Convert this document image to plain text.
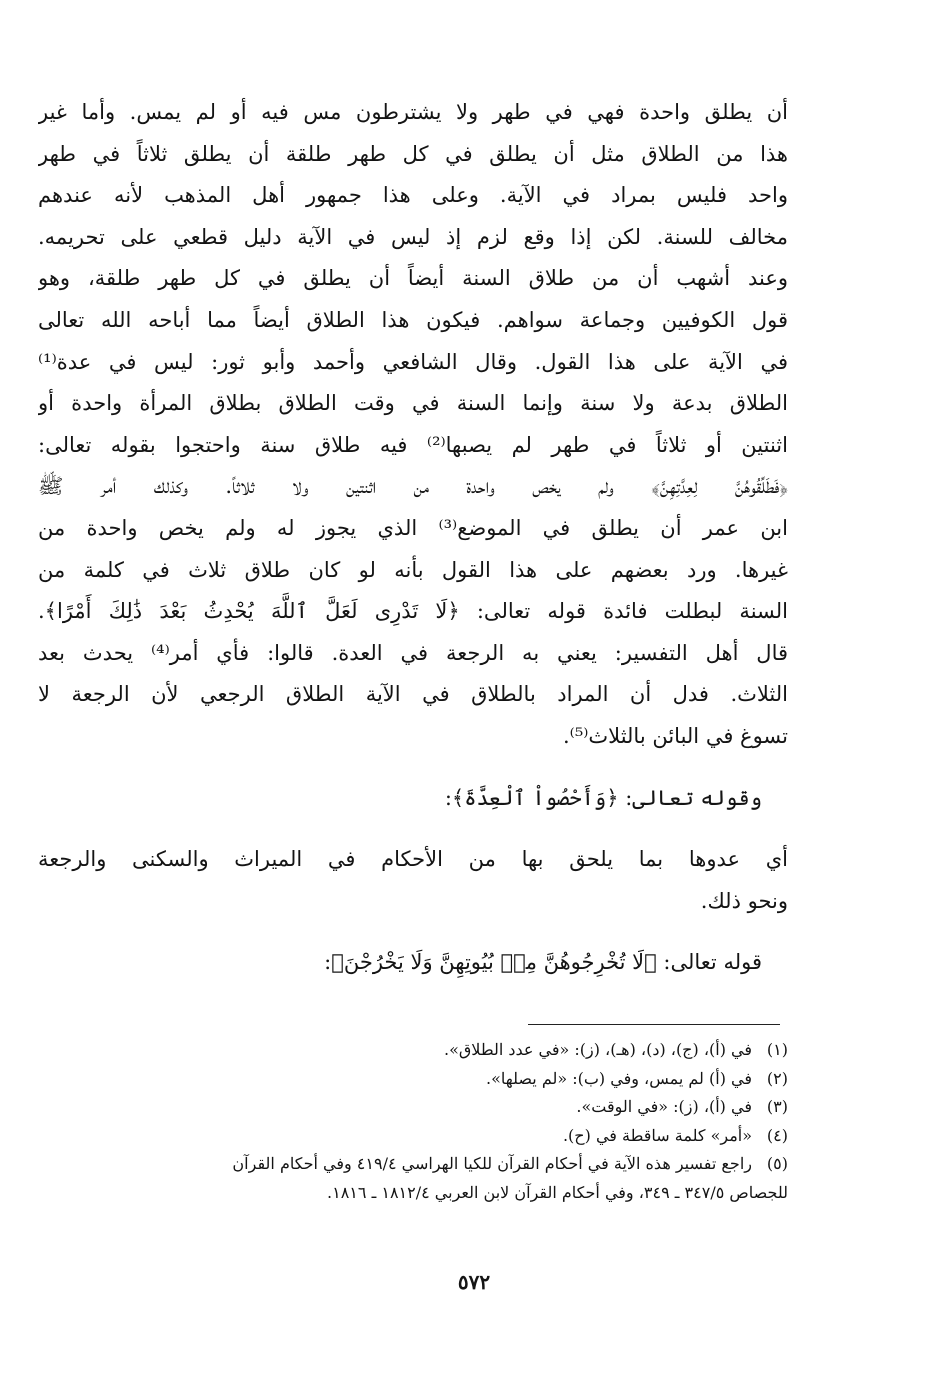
أن يطلق واحدة فهي في طهر ولا يشترطون مس فيه أو لم يمس. وأما غير
هذا من الطلاق مثل أن يطلق في كل طهر طلقة أن يطلق ثلاثاً في طهر
واحد فليس بمراد في الآية. وعلى هذا جمهور أهل المذهب لأنه عندهم
مخالف للسنة. لكن إذا وقع لزم إذ ليس في الآية دليل قطعي على تحريمه.
وعند أشهب أن من طلاق السنة أيضاً أن يطلق في كل طهر طلقة، وهو
قول الكوفيين وجماعة سواهم. فيكون هذا الطلاق أيضاً مما أباحه الله تعالى
في الآية على هذا القول. وقال الشافعي وأحمد وأبو ثور: ليس في عدة⁽¹⁾
الطلاق بدعة ولا سنة وإنما السنة في وقت الطلاق بطلاق المرأة واحدة أو
اثنتين أو ثلاثاً في طهر لم يصبها⁽²⁾ فيه طلاق سنة واحتجوا بقوله تعالى:
﴿فَطَلِّقُوهُنَّ لِعِدَّتِهِنَّ﴾ ولم يخص واحدة من اثنتين ولا ثلاثاً. وكذلك أمر ﷺ
ابن عمر أن يطلق في الموضع⁽³⁾ الذي يجوز له ولم يخص واحدة من
غيرها. ورد بعضهم على هذا القول بأنه لو كان طلاق ثلاث في كلمة من
السنة لبطلت فائدة قوله تعالى: ﴿لَا تَدْرِى لَعَلَّ ٱللَّهَ يُحْدِثُ بَعْدَ ذَٰلِكَ أَمْرًا﴾.
قال أهل التفسير: يعني به الرجعة في العدة. قالوا: فأي أمر⁽⁴⁾ يحدث بعد
الثلاث. فدل أن المراد بالطلاق في الآية الطلاق الرجعي لأن الرجعة لا
تسوغ في البائن بالثلاث⁽⁵⁾.
وقوله تعالى: ﴿وَأَحْصُواْ ٱلْعِدَّةَ﴾:
أي عدوها بما يلحق بها من الأحكام في الميراث والسكنى والرجعة
ونحو ذلك.
قوله تعالى: ﴿لَا تُخْرِجُوهُنَّ مِنۢ بُيُوتِهِنَّ وَلَا يَخْرُجْنَ﴾:
(١)في (أ)، (ج)، (د)، (هـ)، (ز): «في عدد الطلاق».
(٢)في (أ) لم يمس، وفي (ب): «لم يصلها».
(٣)في (أ)، (ز): «في الوقت».
(٤)«أمر» كلمة ساقطة في (ح).
(٥)راجع تفسير هذه الآية في أحكام القرآن للكيا الهراسي ٤١٩/٤ وفي أحكام القرآن
للجصاص ٣٤٧/٥ ـ ٣٤٩، وفي أحكام القرآن لابن العربي ١٨١٢/٤ ـ ١٨١٦.
٥٧٢
